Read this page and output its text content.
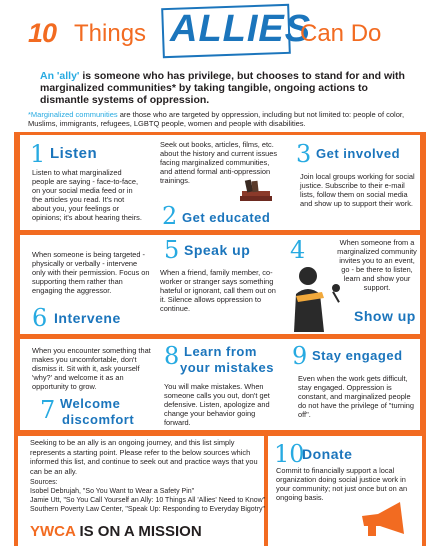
10 Things ALLIES
Can Do
An 'ally' is someone who has privilege, but chooses to stand for and with marginalized communities* by taking tangible, ongoing actions to dismantle systems of oppression.
*Marginalized communities are those who are targeted by oppression, including but not limited to: people of color, Muslims, immigrants, refugees, LGBTQ people, women and people with disabilities.
1 Listen
Listen to what marginalized people are saying - face-to-face, on your social media feed or in the articles you read. It's not about you, your feelings or opinions; it's about hearing theirs.
Seek out books, articles, films, etc. about the history and current issues facing marginalized communities, and attend formal anti-oppression trainings.
2 Get educated
3 Get involved
Join local groups working for social justice. Subscribe to their e-mail lists, follow them on social media and show up to support their work.
When someone is being targeted - physically or verbally - intervene only with their permission. Focus on supporting them rather than engaging the aggressor.
6 Intervene
5 Speak up
When a friend, family member, co-worker or stranger says something hateful or ignorant, call them out on it. Silence allows oppression to continue.
4	When someone from a marginalized community invites you to an event, go - be there to listen, learn and show your support.
Show up
When you encounter something that makes you uncomfortable, don't dismiss it. Sit with it, ask yourself 'why?' and welcome it as an opportunity to grow.
7 Welcome
discomfort
8 Learn from
your mistakes
You will make mistakes. When someone calls you out, don't get defensive. Listen, apologize and change your behavior going forward.
9 Stay engaged
Even when the work gets difficult, stay engaged. Oppression is constant, and marginalized people do not have the privilege of "turning off".
Seeking to be an ally is an ongoing journey, and this list simply represents a starting point. Please refer to the below sources which informed this list, and continue to seek out and practice ways that you can be an ally.
Sources:
Isobel Debrujah, "So You Want to Wear a Safety Pin"
Jamie Utt, "So You Call Yourself an Ally: 10 Things All 'Allies' Need to Know"
Southern Poverty Law Center, "Speak Up: Responding to Everyday Bigotry"
YWCA IS ON A MISSION
10
Donate
Commit to financially support a local organization doing social justice work in your community; not just once but on an ongoing basis.
